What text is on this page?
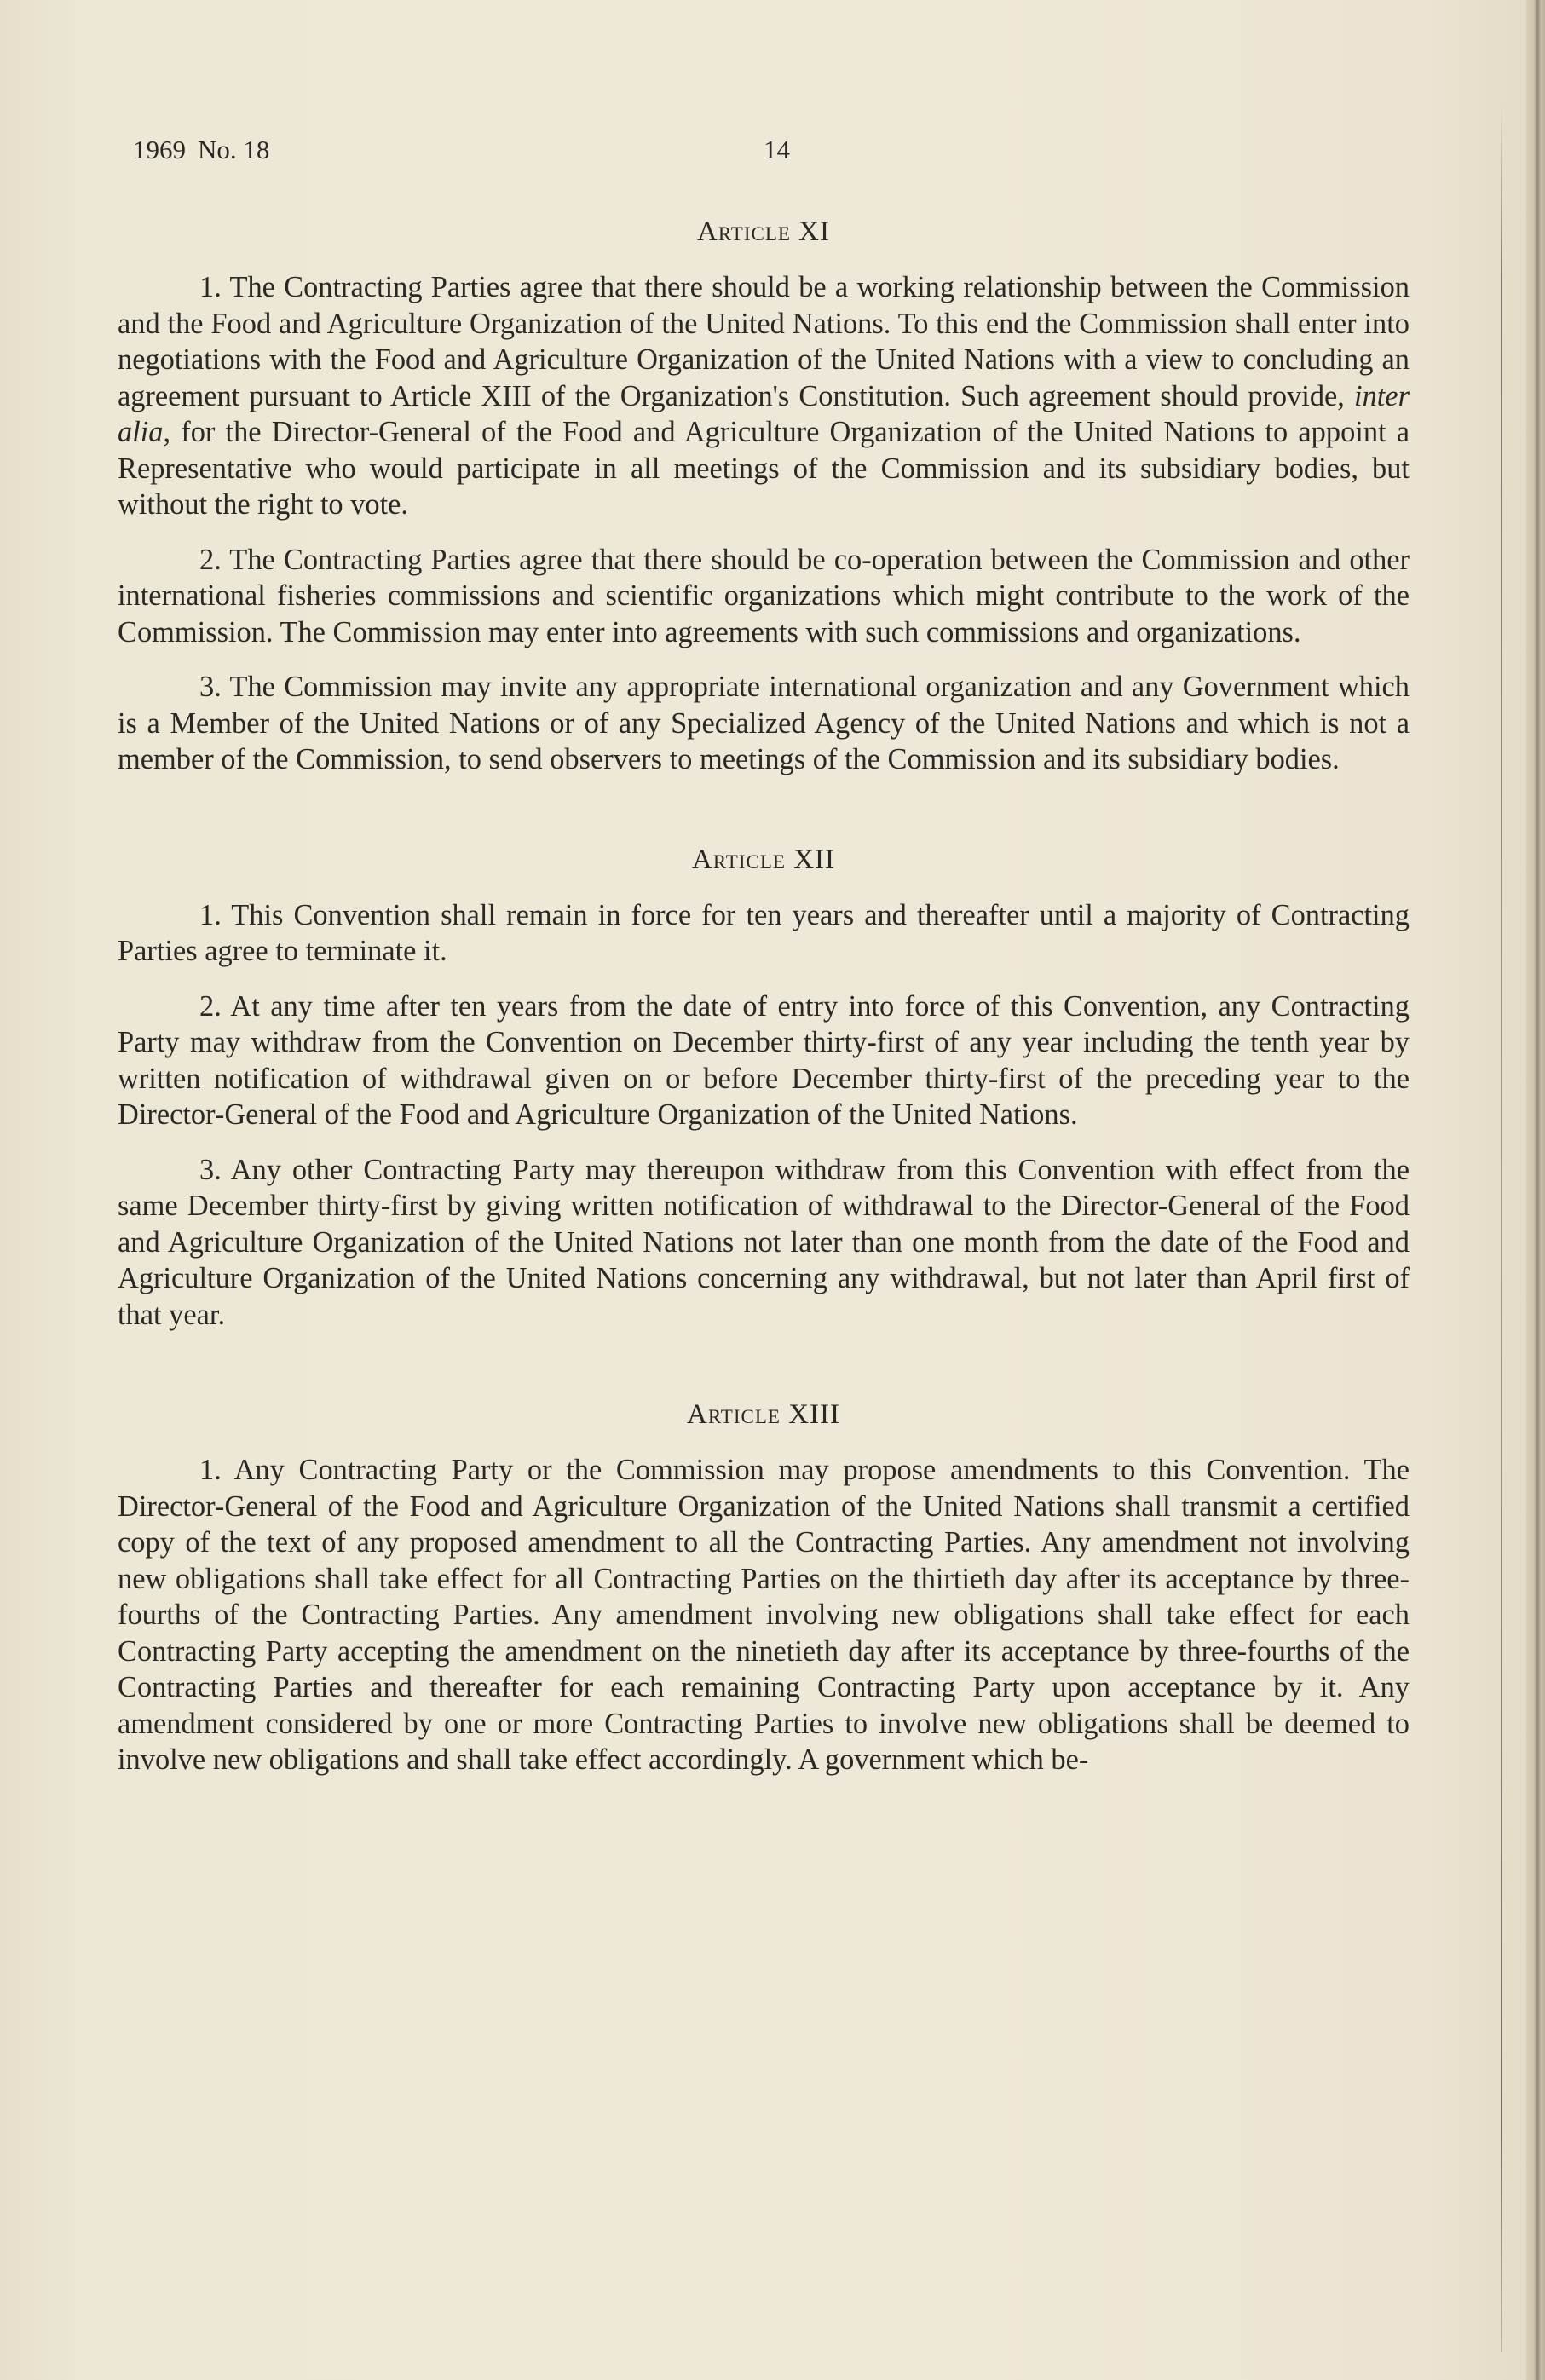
1969 No. 18	14
Article XI

1. The Contracting Parties agree that there should be a working relationship between the Commission and the Food and Agriculture Organization of the United Nations. To this end the Commission shall enter into negotiations with the Food and Agriculture Organization of the United Nations with a view to concluding an agreement pursuant to Article XIII of the Organization's Constitution. Such agreement should provide, inter alia, for the Director-General of the Food and Agriculture Organization of the United Nations to appoint a Representative who would participate in all meetings of the Commission and its subsidiary bodies, but without the right to vote.

2. The Contracting Parties agree that there should be co-operation between the Commission and other international fisheries commissions and scientific organizations which might contribute to the work of the Commission. The Commission may enter into agreements with such commissions and organizations.

3. The Commission may invite any appropriate international organization and any Government which is a Member of the United Nations or of any Specialized Agency of the United Nations and which is not a member of the Commission, to send observers to meetings of the Commission and its subsidiary bodies.

Article XII

1. This Convention shall remain in force for ten years and thereafter until a majority of Contracting Parties agree to terminate it.

2. At any time after ten years from the date of entry into force of this Convention, any Contracting Party may withdraw from the Convention on December thirty-first of any year including the tenth year by written notification of withdrawal given on or before December thirty-first of the preceding year to the Director-General of the Food and Agriculture Organization of the United Nations.

3. Any other Contracting Party may thereupon withdraw from this Convention with effect from the same December thirty-first by giving written notification of withdrawal to the Director-General of the Food and Agriculture Organization of the United Nations not later than one month from the date of the Food and Agriculture Organization of the United Nations concerning any withdrawal, but not later than April first of that year.

Article XIII

1. Any Contracting Party or the Commission may propose amendments to this Convention. The Director-General of the Food and Agriculture Organization of the United Nations shall transmit a certified copy of the text of any proposed amendment to all the Contracting Parties. Any amendment not involving new obligations shall take effect for all Contracting Parties on the thirtieth day after its acceptance by three-fourths of the Contracting Parties. Any amendment involving new obligations shall take effect for each Contracting Party accepting the amendment on the ninetieth day after its acceptance by three-fourths of the Contracting Parties and thereafter for each remaining Contracting Party upon acceptance by it. Any amendment considered by one or more Contracting Parties to involve new obligations shall be deemed to involve new obligations and shall take effect accordingly. A government which be-
